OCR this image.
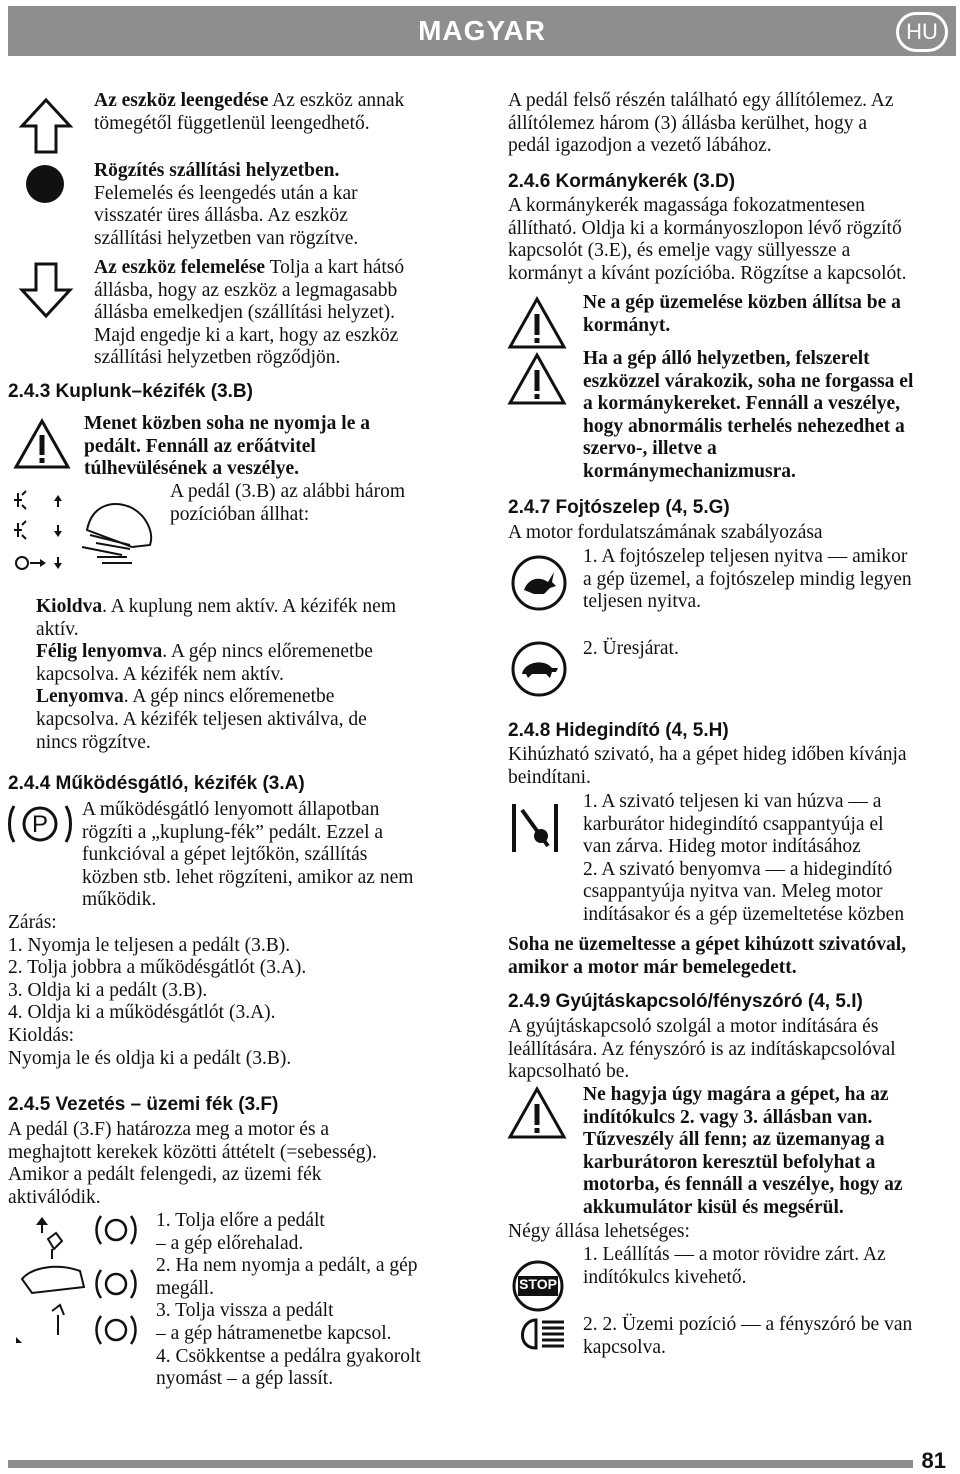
MAGYAR	HU
P
Az eszköz leengedése Az eszköz annak
tömegétől függetlenül leengedhető.
Rögzítés szállítási helyzetben.
Felemelés és leengedés után a kar
visszatér üres állásba. Az eszköz
szállítási helyzetben van rögzítve.
Az eszköz felemelése Tolja a kart hátsó
állásba, hogy az eszköz a legmagasabb
állásba emelkedjen (szállítási helyzet).
Majd engedje ki a kart, hogy az eszköz
szállítási helyzetben rögződjön.
2.4.3 Kuplunk–kézifék (3.B)
Menet közben soha ne nyomja le a
pedált. Fennáll az erőátvitel
túlhevülésének a veszélye.
A pedál (3.B) az alábbi három
pozícióban állhat:
• Kioldva. A kuplung nem aktív. A kézifék nem
aktív.
• Félig lenyomva. A gép nincs előremenetbe
kapcsolva. A kézifék nem aktív.
• Lenyomva. A gép nincs előremenetbe
kapcsolva. A kézifék teljesen aktiválva, de
nincs rögzítve.
2.4.4 Működésgátló, kézifék (3.A)
A működésgátló lenyomott állapotban
rögzíti a „kuplung-fék” pedált. Ezzel a
funkcióval a gépet lejtőkön, szállítás
közben stb. lehet rögzíteni, amikor az nem
működik.
Zárás:
1. Nyomja le teljesen a pedált (3.B).
2. Tolja jobbra a működésgátlót (3.A).
3. Oldja ki a pedált (3.B).
4. Oldja ki a működésgátlót (3.A).
Kioldás:
Nyomja le és oldja ki a pedált (3.B).
2.4.5 Vezetés – üzemi fék (3.F)
A pedál (3.F) határozza meg a motor és a
meghajtott kerekek közötti áttételt (=sebesség).
Amikor a pedált felengedi, az üzemi fék
aktiválódik.
1. Tolja előre a pedált
– a gép előrehalad.
2. Ha nem nyomja a pedált, a gép
megáll.
3. Tolja vissza a pedált
– a gép hátramenetbe kapcsol.
4. Csökkentse a pedálra gyakorolt
nyomást – a gép lassít.
STOP
A pedál felső részén található egy állítólemez. Az
állítólemez három (3) állásba kerülhet, hogy a
pedál igazodjon a vezető lábához.
2.4.6 Kormánykerék (3.D)
A kormánykerék magassága fokozatmentesen
állítható. Oldja ki a kormányoszlopon lévő rögzítő
kapcsolót (3.E), és emelje vagy süllyessze a
kormányt a kívánt pozícióba. Rögzítse a kapcsolót.
Ne a gép üzemelése közben állítsa be a
kormányt.
Ha a gép álló helyzetben, felszerelt
eszközzel várakozik, soha ne forgassa el
a kormánykereket. Fennáll a veszélye,
hogy abnormális terhelés nehezedhet a
szervo-, illetve a
kormánymechanizmusra.
2.4.7 Fojtószelep (4, 5.G)
A motor fordulatszámának szabályozása
1. A fojtószelep teljesen nyitva — amikor
a gép üzemel, a fojtószelep mindig legyen
teljesen nyitva.
2. Üresjárat.
2.4.8 Hidegindító (4, 5.H)
Kihúzható szivató, ha a gépet hideg időben kívánja
beindítani.
1. A szivató teljesen ki van húzva — a
karburátor hidegindító csappantyúja el
van zárva. Hideg motor indításához
2. A szivató benyomva — a hidegindító
csappantyúja nyitva van. Meleg motor
indításakor és a gép üzemeltetése közben
Soha ne üzemeltesse a gépet kihúzott szivatóval,
amikor a motor már bemelegedett.
2.4.9 Gyújtáskapcsoló/fényszóró (4, 5.I)
A gyújtáskapcsoló szolgál a motor indítására és
leállítására. Az fényszóró is az indításkapcsolóval
kapcsolható be.
Ne hagyja úgy magára a gépet, ha az
indítókulcs 2. vagy 3. állásban van.
Tűzveszély áll fenn; az üzemanyag a
karburátoron keresztül befolyhat a
motorba, és fennáll a veszélye, hogy az
akkumulátor kisül és megsérül.
Négy állása lehetséges:
1. Leállítás — a motor rövidre zárt. Az
indítókulcs kivehető.
2. 2. Üzemi pozíció — a fényszóró be van
kapcsolva.
81
